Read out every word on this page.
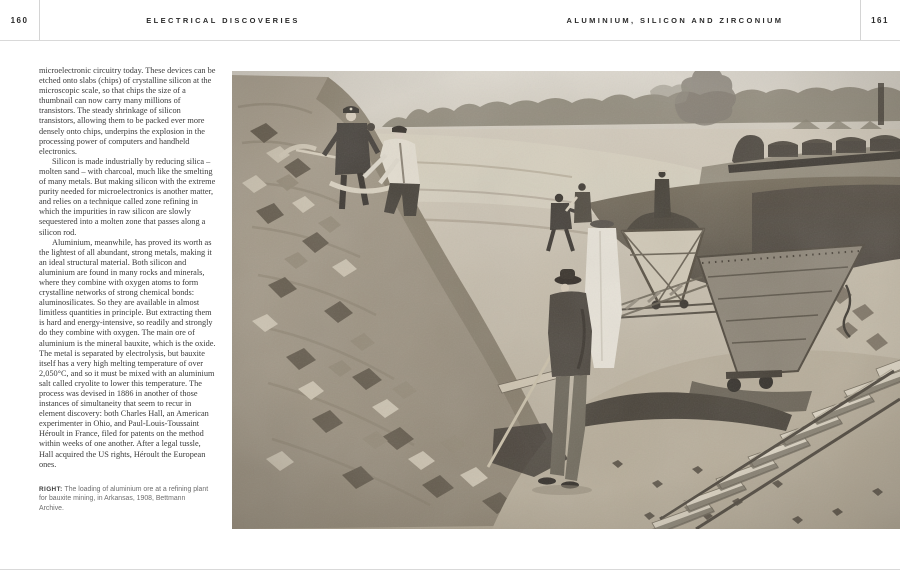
160	ELECTRICAL DISCOVERIES	ALUMINIUM, SILICON AND ZIRCONIUM	161

microelectronic circuitry today. These devices can be etched onto slabs (chips) of crystalline silicon at the microscopic scale, so that chips the size of a thumbnail can now carry many millions of transistors. The steady shrinkage of silicon transistors, allowing them to be packed ever more densely onto chips, underpins the explosion in the processing power of computers and handheld electronics.

Silicon is made industrially by reducing silica – molten sand – with charcoal, much like the smelting of many metals. But making silicon with the extreme purity needed for microelectronics is another matter, and relies on a technique called zone refining in which the impurities in raw silicon are slowly sequestered into a molten zone that passes along a silicon rod.

Aluminium, meanwhile, has proved its worth as the lightest of all abundant, strong metals, making it an ideal structural material. Both silicon and aluminium are found in many rocks and minerals, where they combine with oxygen atoms to form crystalline networks of strong chemical bonds: aluminosilicates. So they are available in almost limitless quantities in principle. But extracting them is hard and energy-intensive, so readily and strongly do they combine with oxygen. The main ore of aluminium is the mineral bauxite, which is the oxide. The metal is separated by electrolysis, but bauxite itself has a very high melting temperature of over 2,050°C, and so it must be mixed with an aluminium salt called cryolite to lower this temperature. The process was devised in 1886 in another of those instances of simultaneity that seem to recur in element discovery: both Charles Hall, an American experimenter in Ohio, and Paul-Louis-Toussaint Héroult in France, filed for patents on the method within weeks of one another. After a legal tussle, Hall acquired the US rights, Héroult the European ones.

RIGHT: The loading of aluminium ore at a refining plant for bauxite mining, in Arkansas, 1908, Bettmann Archive.
